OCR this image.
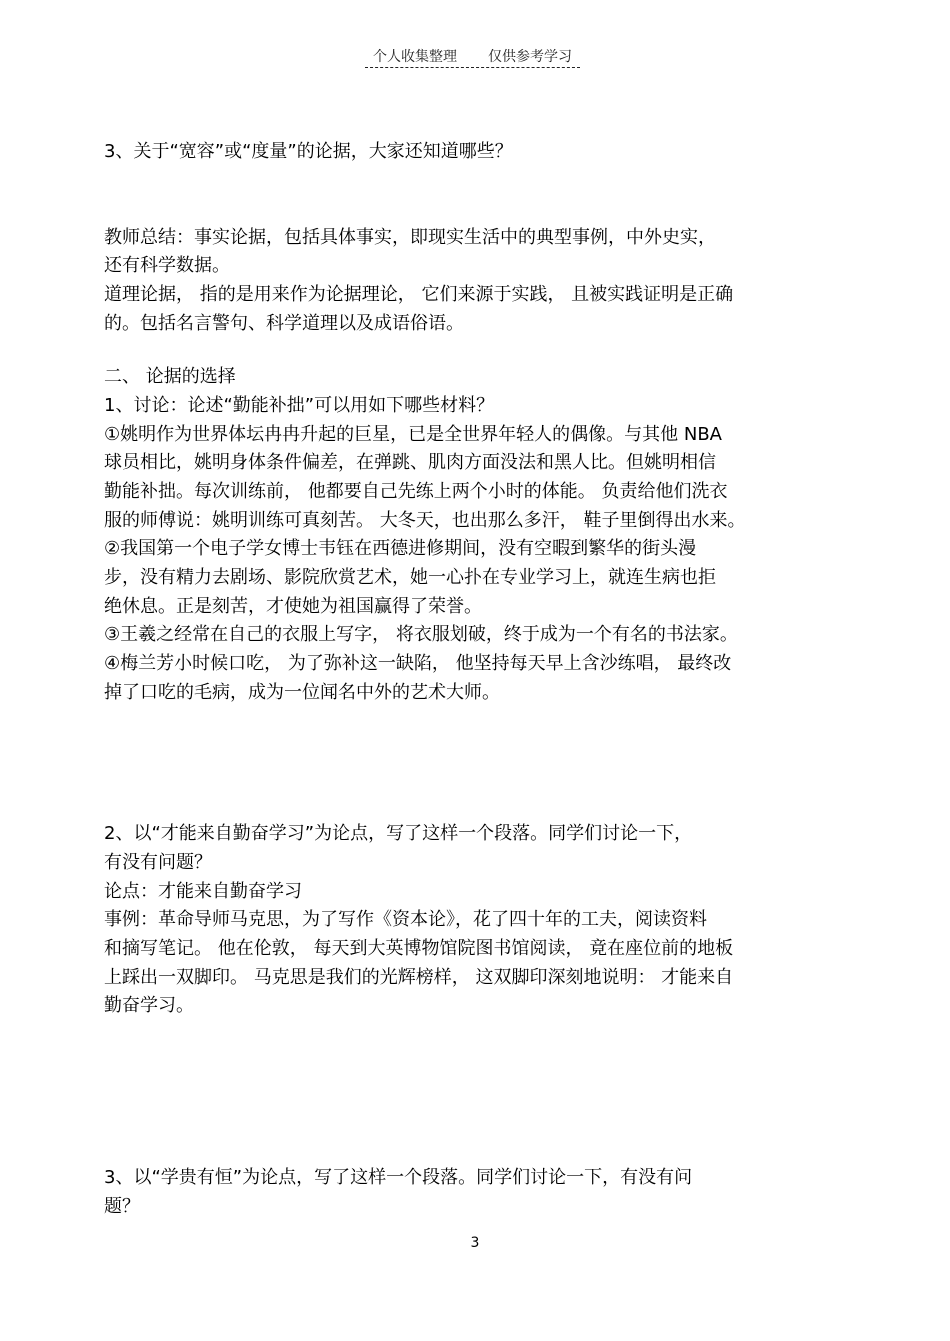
个人收集整理 仅供参考学习
3、关于“宽容”或“度量”的论据，大家还知道哪些？
教师总结：事实论据，包括具体事实，即现实生活中的典型事例，中外史实，
还有科学数据。
道理论据， 指的是用来作为论据理论， 它们来源于实践， 且被实践证明是正确
的。包括名言警句、科学道理以及成语俗语。
二、 论据的选择
1、讨论：论述“勤能补拙”可以用如下哪些材料？
①姚明作为世界体坛冉冉升起的巨星，已是全世界年轻人的偶像。与其他 NBA
球员相比，姚明身体条件偏差，在弹跳、肌肉方面没法和黑人比。但姚明相信
勤能补拙。每次训练前， 他都要自己先练上两个小时的体能。 负责给他们洗衣
服的师傅说：姚明训练可真刻苦。 大冬天，也出那么多汗， 鞋子里倒得出水来。
②我国第一个电子学女博士韦钰在西德进修期间，没有空暇到繁华的街头漫
步，没有精力去剧场、影院欣赏艺术，她一心扑在专业学习上，就连生病也拒
绝休息。正是刻苦，才使她为祖国赢得了荣誉。
③王羲之经常在自己的衣服上写字， 将衣服划破，终于成为一个有名的书法家。
④梅兰芳小时候口吃， 为了弥补这一缺陷， 他坚持每天早上含沙练唱， 最终改
掉了口吃的毛病，成为一位闻名中外的艺术大师。
2、以“才能来自勤奋学习”为论点，写了这样一个段落。同学们讨论一下，
有没有问题？
论点：才能来自勤奋学习
事例：革命导师马克思，为了写作《资本论》，花了四十年的工夫，阅读资料
和摘写笔记。 他在伦敦， 每天到大英博物馆院图书馆阅读， 竟在座位前的地板
上踩出一双脚印。 马克思是我们的光辉榜样， 这双脚印深刻地说明： 才能来自
勤奋学习。
3、以“学贵有恒”为论点，写了这样一个段落。同学们讨论一下，有没有问
题？
3
